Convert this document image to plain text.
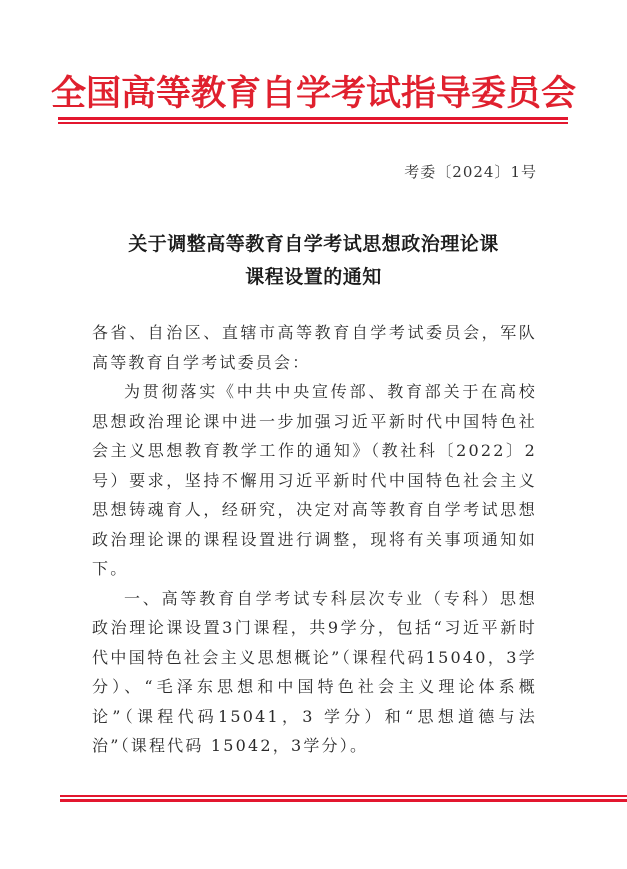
全国高等教育自学考试指导委员会
考委〔2024〕1号
关于调整高等教育自学考试思想政治理论课
课程设置的通知

各省、自治区、直辖市高等教育自学考试委员会，军队高等教育自学考试委员会：

为贯彻落实《中共中央宣传部、教育部关于在高校思想政治理论课中进一步加强习近平新时代中国特色社会主义思想教育教学工作的通知》（教社科〔2022〕2号）要求，坚持不懈用习近平新时代中国特色社会主义思想铸魂育人，经研究，决定对高等教育自学考试思想政治理论课的课程设置进行调整，现将有关事项通知如下。

一、高等教育自学考试专科层次专业（专科）思想政治理论课设置3门课程，共9学分，包括“习近平新时代中国特色社会主义思想概论”（课程代码15040，3学分）、“毛泽东思想和中国特色社会主义理论体系概论”（课程代码15041，3 学分）和“思想道德与法治”（课程代码 15042，3学分）。
